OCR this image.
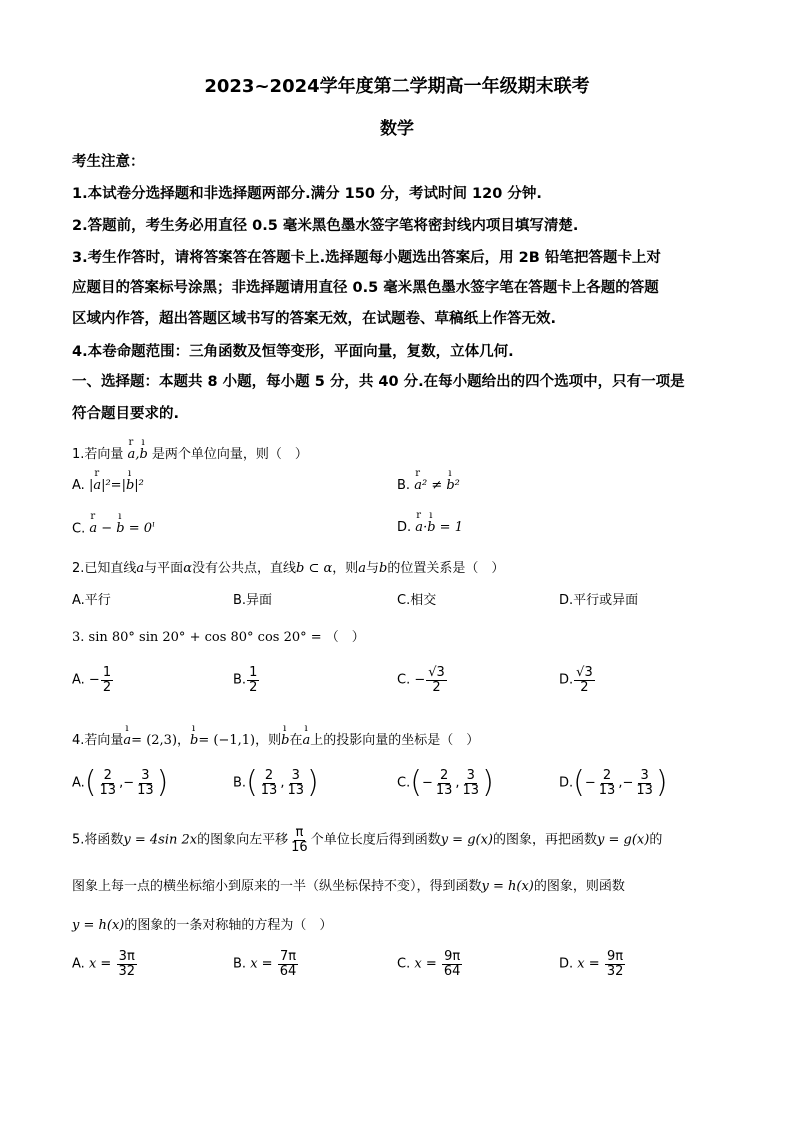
2023~2024学年度第二学期高一年级期末联考
数学
考生注意：
1.本试卷分选择题和非选择题两部分.满分 150 分，考试时间 120 分钟.
2.答题前，考生务必用直径 0.5 毫米黑色墨水签字笔将密封线内项目填写清楚.
3.考生作答时，请将答案答在答题卡上.选择题每小题选出答案后，用 2B 铅笔把答题卡上对
应题目的答案标号涂黑；非选择题请用直径 0.5 毫米黑色墨水签字笔在答题卡上各题的答题
区域内作答，超出答题区域书写的答案无效，在试题卷、草稿纸上作答无效.
4.本卷命题范围：三角函数及恒等变形，平面向量，复数，立体几何.
一、选择题：本题共 8 小题，每小题 5 分，共 40 分.在每小题给出的四个选项中，只有一项是
符合题目要求的.
1.若向量 r a,ı b 是两个单位向量，则（　）
A. |r a|²=|ı b|²	B. r a² ≠ ı b²
C. r a − ı $b = 0^ı$	D. r a·ı b = 1
2.已知直线a与平面α没有公共点，直线b ⊂ α，则a与b的位置关系是（　）
A.平行	B.异面	C.相交	D.平行或异面
3. sin 80° sin 20° + cos 80° cos 20° = （　）
A. − $\frac{1}{2}$	B. $\frac{1}{2}$	C. − $\frac{√3}{2}$	D. $\frac{√3}{2}$
4.若向量ı a= (2,3)，ı b= (−1,1)，则ı b在ı a上的投影向量的坐标是（　）
$A.( \frac{2}{13}$ ,− $\frac{3}{13}$ )	$B.( \frac{2}{13}$ , $\frac{3}{13}$ )	$C.(- \frac{2}{13}$ , $\frac{3}{13}$ )	$D.(- \frac{2}{13}$ ,− $\frac{3}{13}$ )
5.将函数y = 4sin 2x的图象向左平移 $\frac{\pi}{16}$ 个单位长度后得到函数y = g(x)的图象，再把函数y = g(x)的
图象上每一点的横坐标缩小到原来的一半（纵坐标保持不变），得到函数y = h(x)的图象，则函数
y = h(x)的图象的一条对称轴的方程为（　）
A. $x = \frac{3\pi}{32}$	B. $x = \frac{7\pi}{64}$	C. $x = \frac{9\pi}{64}$	D. $x = \frac{9\pi}{32}$
